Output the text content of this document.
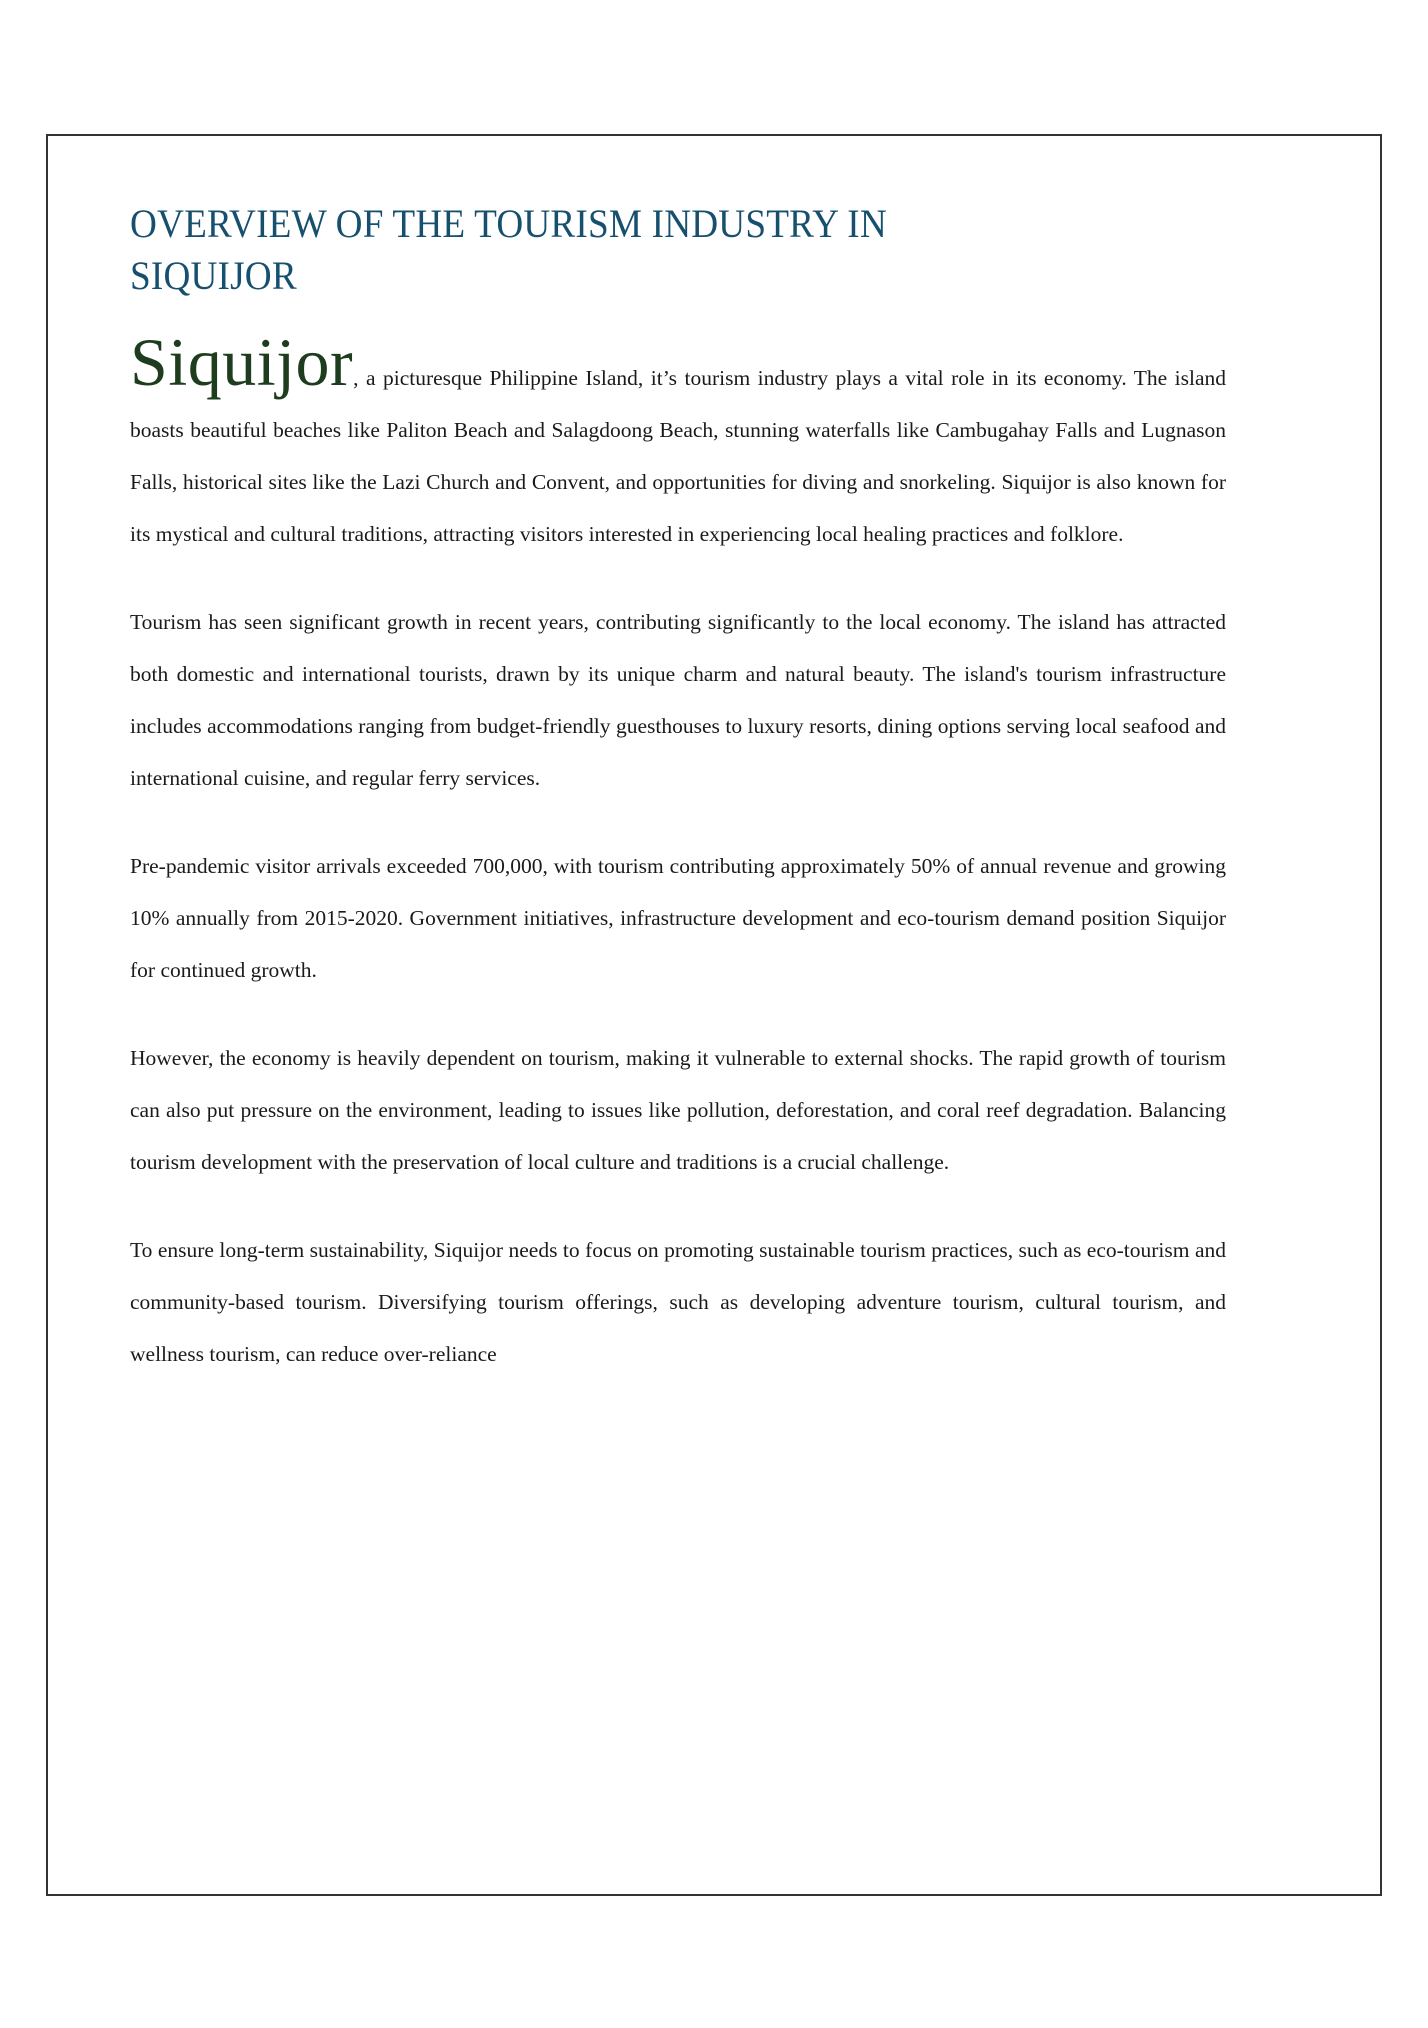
OVERVIEW OF THE TOURISM INDUSTRY IN SIQUIJOR

Siquijor, a picturesque Philippine Island, it’s tourism industry plays a vital role in its economy. The island boasts beautiful beaches like Paliton Beach and Salagdoong Beach, stunning waterfalls like Cambugahay Falls and Lugnason Falls, historical sites like the Lazi Church and Convent, and opportunities for diving and snorkeling. Siquijor is also known for its mystical and cultural traditions, attracting visitors interested in experiencing local healing practices and folklore.

Tourism has seen significant growth in recent years, contributing significantly to the local economy. The island has attracted both domestic and international tourists, drawn by its unique charm and natural beauty. The island's tourism infrastructure includes accommodations ranging from budget-friendly guesthouses to luxury resorts, dining options serving local seafood and international cuisine, and regular ferry services.

Pre-pandemic visitor arrivals exceeded 700,000, with tourism contributing approximately 50% of annual revenue and growing 10% annually from 2015-2020. Government initiatives, infrastructure development and eco-tourism demand position Siquijor for continued growth.

However, the economy is heavily dependent on tourism, making it vulnerable to external shocks. The rapid growth of tourism can also put pressure on the environment, leading to issues like pollution, deforestation, and coral reef degradation. Balancing tourism development with the preservation of local culture and traditions is a crucial challenge.

To ensure long-term sustainability, Siquijor needs to focus on promoting sustainable tourism practices, such as eco-tourism and community-based tourism. Diversifying tourism offerings, such as developing adventure tourism, cultural tourism, and wellness tourism, can reduce over-reliance
